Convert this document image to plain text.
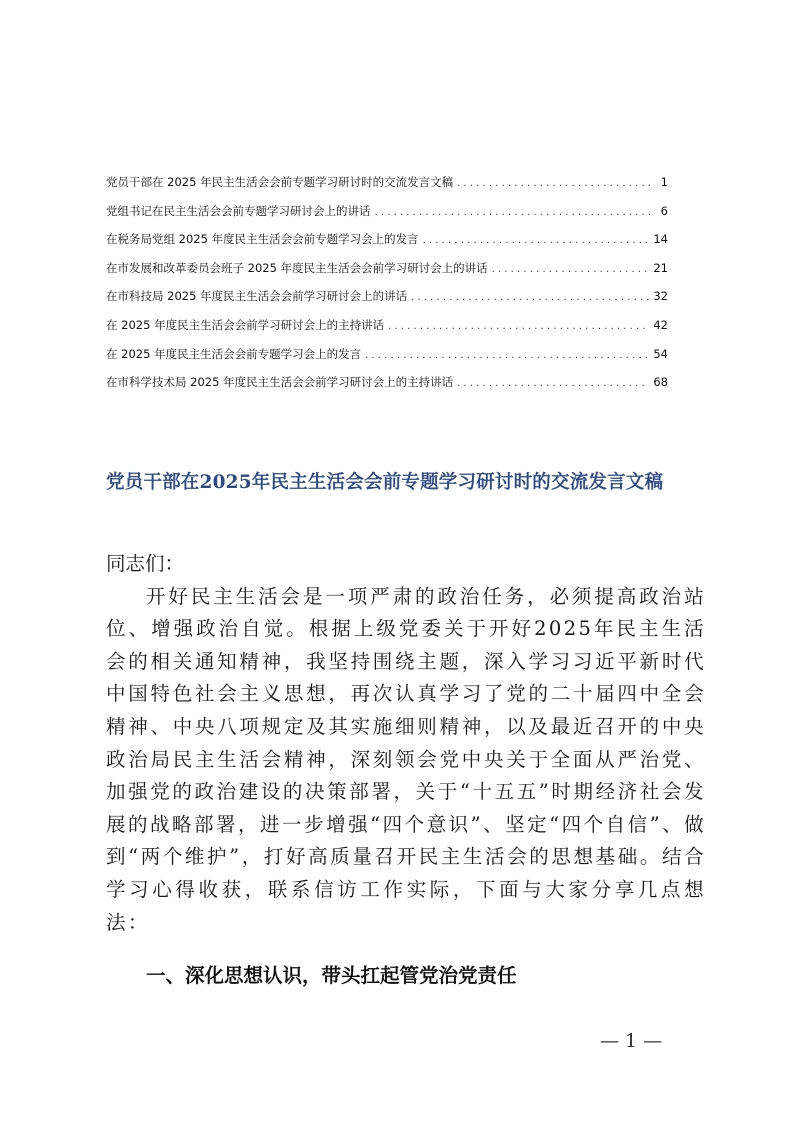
党员干部在 2025 年民主生活会会前专题学习研讨时的交流发言文稿 . . .	1
党组书记在民主生活会会前专题学习研讨会上的讲话 . . .	6
在税务局党组 2025 年度民主生活会会前专题学习会上的发言 . . .	14
在市发展和改革委员会班子 2025 年度民主生活会会前学习研讨会上的讲话 . . .	21
在市科技局 2025 年度民主生活会会前学习研讨会上的讲话 . . .	32
在 2025 年度民主生活会会前学习研讨会上的主持讲话 . . .	42
在 2025 年度民主生活会会前专题学习会上的发言 . . .	54
在市科学技术局 2025 年度民主生活会会前学习研讨会上的主持讲话 . . .	68
党员干部在2025年民主生活会会前专题学习研讨时的交流发言文稿

同志们：

开好民主生活会是一项严肃的政治任务，必须提高政治站位、增强政治自觉。根据上级党委关于开好2025年民主生活会的相关通知精神，我坚持围绕主题，深入学习习近平新时代中国特色社会主义思想，再次认真学习了党的二十届四中全会精神、中央八项规定及其实施细则精神，以及最近召开的中央政治局民主生活会精神，深刻领会党中央关于全面从严治党、加强党的政治建设的决策部署，关于“十五五”时期经济社会发展的战略部署，进一步增强“四个意识”、坚定“四个自信”、做到“两个维护”，打好高质量召开民主生活会的思想基础。结合学习心得收获，联系信访工作实际，下面与大家分享几点想法：

一、深化思想认识，带头扛起管党治党责任
— 1 —
